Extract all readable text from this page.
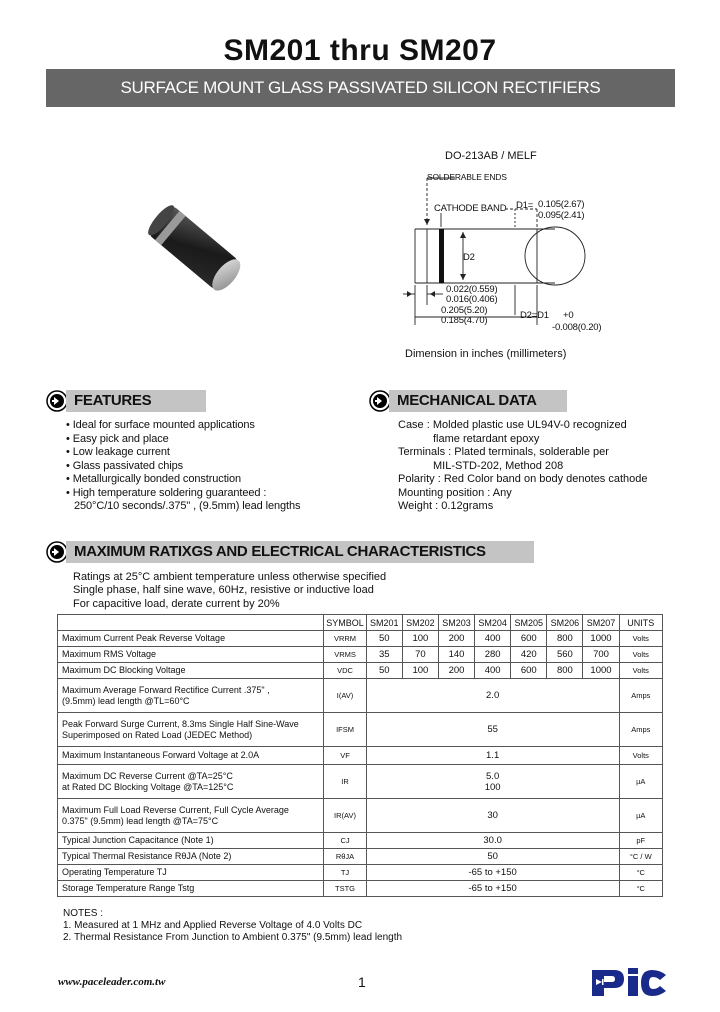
SM201 thru SM207
SURFACE MOUNT GLASS PASSIVATED SILICON RECTIFIERS
DO-213AB / MELF
SOLDERABLE ENDS
CATHODE BAND D1= 0.105(2.67)
0.095(2.41)
D2
0.022(0.559)
0.016(0.406)
0.205(5.20)
0.185(4.70)	D2=D1 +0
-0.008(0.20)
Dimension in inches (millimeters)
FEATURES
• Ideal for surface mounted applications
• Easy pick and place
• Low leakage current
• Glass passivated chips
• Metallurgically bonded construction
• High temperature soldering guaranteed :
250°C/10 seconds/.375" , (9.5mm) lead lengths
MECHANICAL DATA
Case : Molded plastic use UL94V-0 recognized
flame retardant epoxy
Terminals : Plated terminals, solderable per
MIL-STD-202, Method 208
Polarity : Red Color band on body denotes cathode
Mounting position : Any
Weight : 0.12grams
MAXIMUM RATIXGS AND ELECTRICAL CHARACTERISTICS
Ratings at 25°C ambient temperature unless otherwise specified
Single phase, half sine wave, 60Hz, resistive or inductive load
For capacitive load, derate current by 20%
	SYMBOL	SM201	SM202	SM203	SM204	SM205	SM206	SM207	UNITS
Maximum Current Peak Reverse Voltage	VRRM	50	100	200	400	600	800	1000	Volts
Maximum RMS Voltage	VRMS	35	70	140	280	420	560	700	Volts
Maximum DC Blocking Voltage	VDC	50	100	200	400	600	800	1000	Volts
Maximum Average Forward Rectifice Current .375" ,
(9.5mm) lead length @TL=60°C	I(AV)	2.0							Amps
Peak Forward Surge Current, 8.3ms Single Half Sine-Wave
Superimposed on Rated Load (JEDEC Method)	IFSM	55							Amps
Maximum Instantaneous Forward Voltage at 2.0A	VF	1.1							Volts
Maximum DC Reverse Current @TA=25°C
at Rated DC Blocking Voltage @TA=125°C	IR	5.0
100							µA
Maximum Full Load Reverse Current, Full Cycle Average
0.375" (9.5mm) lead length @TA=75°C	IR(AV)	30							µA
Typical Junction Capacitance (Note 1)	CJ	30.0							pF
Typical Thermal Resistance RθJA (Note 2)	RθJA	50							°C / W
Operating Temperature TJ	TJ	-65 to +150							°C
Storage Temperature Range Tstg	TSTG	-65 to +150							°C
NOTES :
1. Measured at 1 MHz and Applied Reverse Voltage of 4.0 Volts DC
2. Thermal Resistance From Junction to Ambient 0.375" (9.5mm) lead length
www.paceleader.com.tw	1
